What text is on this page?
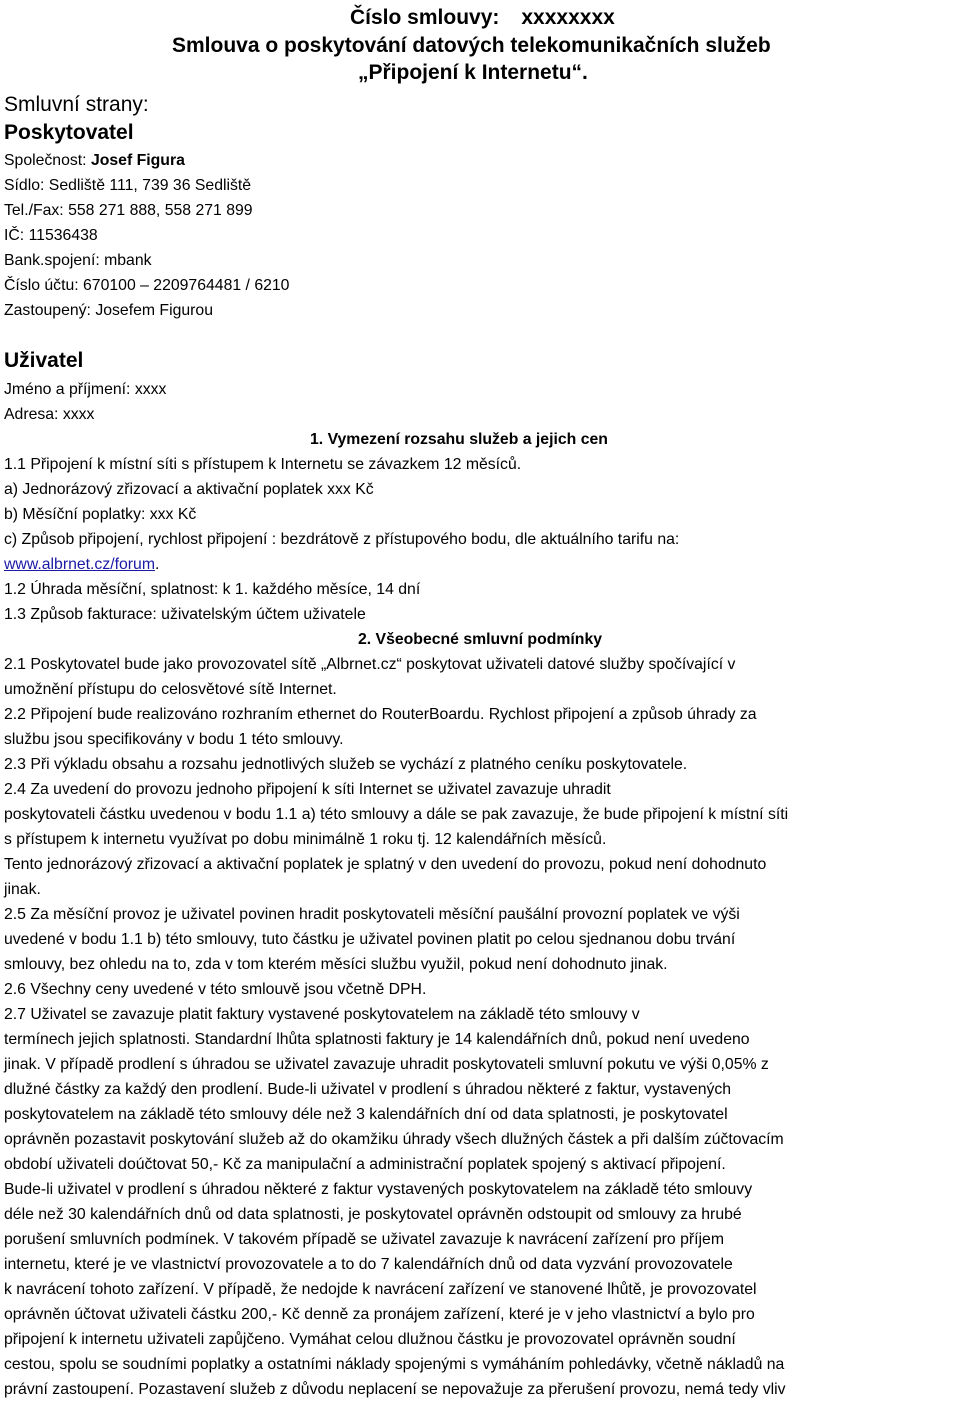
Číslo smlouvy: xxxxxxxx
Smlouva o poskytování datových telekomunikačních služeb
„Připojení k Internetu“.
Smluvní strany:
Poskytovatel
Společnost: Josef Figura
Sídlo: Sedliště 111, 739 36 Sedliště
Tel./Fax: 558 271 888, 558 271 899
IČ: 11536438
Bank.spojení: mbank
Číslo účtu: 670100 – 2209764481 / 6210
Zastoupený: Josefem Figurou
Uživatel
Jméno a příjmení: xxxx
Adresa: xxxx
1. Vymezení rozsahu služeb a jejich cen
1.1 Připojení k místní síti s přístupem k Internetu se závazkem 12 měsíců.
a) Jednorázový zřizovací a aktivační poplatek xxx Kč
b) Měsíční poplatky: xxx Kč
c) Způsob připojení, rychlost připojení : bezdrátově z přístupového bodu, dle aktuálního tarifu na:
www.albrnet.cz/forum.
1.2 Úhrada měsíční, splatnost: k 1. každého měsíce, 14 dní
1.3 Způsob fakturace: uživatelským účtem uživatele
2. Všeobecné smluvní podmínky
2.1 Poskytovatel bude jako provozovatel sítě „Albrnet.cz“ poskytovat uživateli datové služby spočívající v
umožnění přístupu do celosvětové sítě Internet.
2.2 Připojení bude realizováno rozhraním ethernet do RouterBoardu. Rychlost připojení a způsob úhrady za
službu jsou specifikovány v bodu 1 této smlouvy.
2.3 Při výkladu obsahu a rozsahu jednotlivých služeb se vychází z platného ceníku poskytovatele.
2.4 Za uvedení do provozu jednoho připojení k síti Internet se uživatel zavazuje uhradit
poskytovateli částku uvedenou v bodu 1.1 a) této smlouvy a dále se pak zavazuje, že bude připojení k místní síti
s přístupem k internetu využívat po dobu minimálně 1 roku tj. 12 kalendářních měsíců.
Tento jednorázový zřizovací a aktivační poplatek je splatný v den uvedení do provozu, pokud není dohodnuto
jinak.
2.5 Za měsíční provoz je uživatel povinen hradit poskytovateli měsíční paušální provozní poplatek ve výši
uvedené v bodu 1.1 b) této smlouvy, tuto částku je uživatel povinen platit po celou sjednanou dobu trvání
smlouvy, bez ohledu na to, zda v tom kterém měsíci službu využil, pokud není dohodnuto jinak.
2.6 Všechny ceny uvedené v této smlouvě jsou včetně DPH.
2.7 Uživatel se zavazuje platit faktury vystavené poskytovatelem na základě této smlouvy v
termínech jejich splatnosti. Standardní lhůta splatnosti faktury je 14 kalendářních dnů, pokud není uvedeno
jinak. V případě prodlení s úhradou se uživatel zavazuje uhradit poskytovateli smluvní pokutu ve výši 0,05% z
dlužné částky za každý den prodlení. Bude-li uživatel v prodlení s úhradou některé z faktur, vystavených
poskytovatelem na základě této smlouvy déle než 3 kalendářních dní od data splatnosti, je poskytovatel
oprávněn pozastavit poskytování služeb až do okamžiku úhrady všech dlužných částek a při dalším zúčtovacím
období uživateli doúčtovat 50,- Kč za manipulační a administrační poplatek spojený s aktivací připojení.
Bude-li uživatel v prodlení s úhradou některé z faktur vystavených poskytovatelem na základě této smlouvy
déle než 30 kalendářních dnů od data splatnosti, je poskytovatel oprávněn odstoupit od smlouvy za hrubé
porušení smluvních podmínek. V takovém případě se uživatel zavazuje k navrácení zařízení pro příjem
internetu, které je ve vlastnictví provozovatele a to do 7 kalendářních dnů od data vyzvání provozovatele
k navrácení tohoto zařízení. V případě, že nedojde k navrácení zařízení ve stanovené lhůtě, je provozovatel
oprávněn účtovat uživateli částku 200,- Kč denně za pronájem zařízení, které je v jeho vlastnictví a bylo pro
připojení k internetu uživateli zapůjčeno. Vymáhat celou dlužnou částku je provozovatel oprávněn soudní
cestou, spolu se soudními poplatky a ostatními náklady spojenými s vymáháním pohledávky, včetně nákladů na
právní zastoupení. Pozastavení služeb z důvodu neplacení se nepovažuje za přerušení provozu, nemá tedy vliv
